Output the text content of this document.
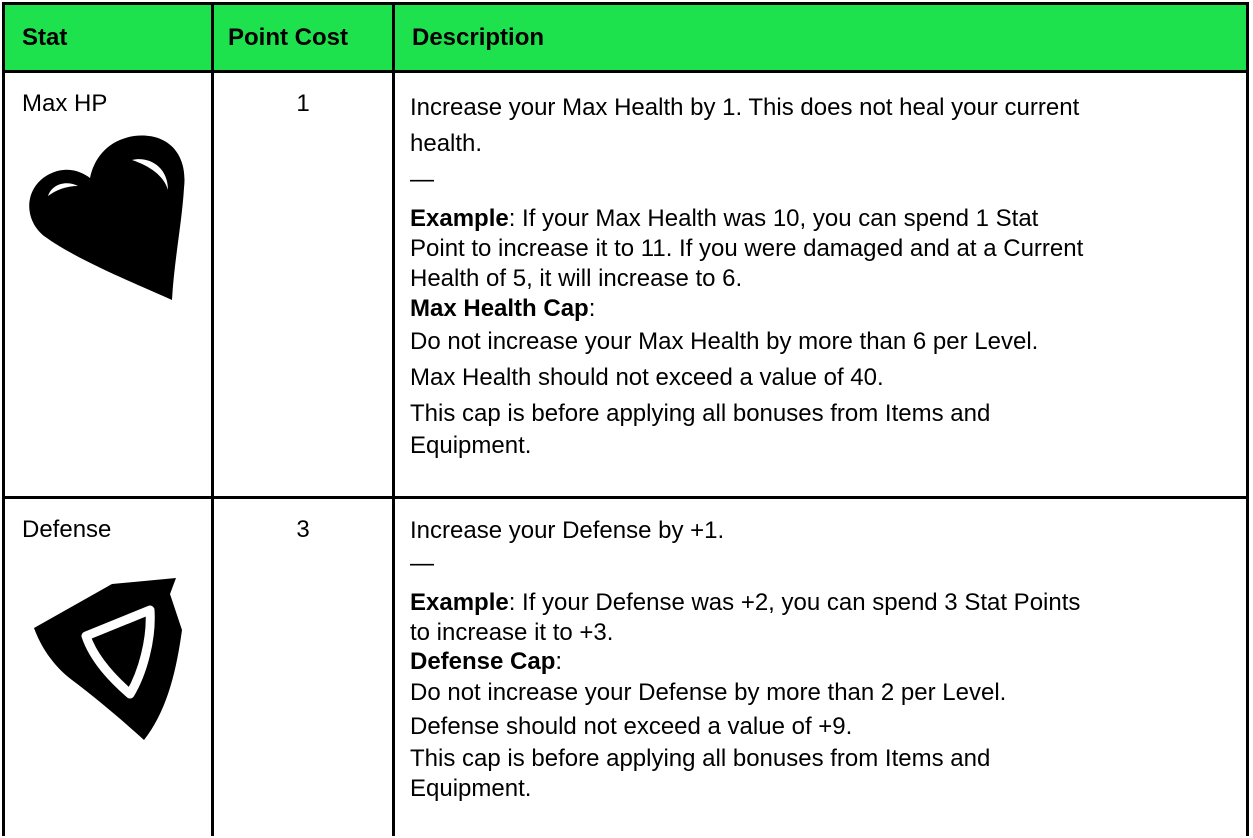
Stat	Point Cost	Description
Max HP	1	Increase your Max Health by 1. This does not heal your current

health.

—

Example: If your Max Health was 10, you can spend 1 Stat

Point to increase it to 11. If you were damaged and at a Current

Health of 5, it will increase to 6.

Max Health Cap:

Do not increase your Max Health by more than 6 per Level.

Max Health should not exceed a value of 40.

This cap is before applying all bonuses from Items and

Equipment.

Defense	3	Increase your Defense by +1.

—

Example: If your Defense was +2, you can spend 3 Stat Points

to increase it to +3.

Defense Cap:

Do not increase your Defense by more than 2 per Level.

Defense should not exceed a value of +9.

This cap is before applying all bonuses from Items and

Equipment.
